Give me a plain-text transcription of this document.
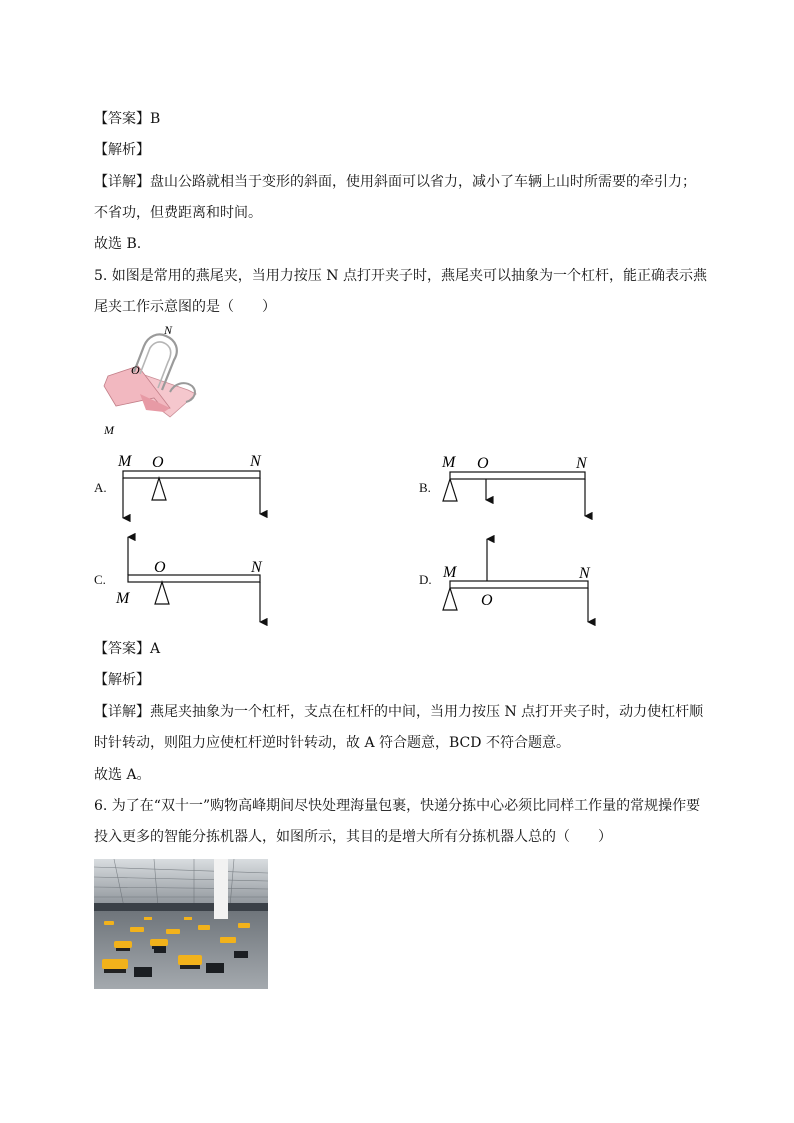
【答案】B
【解析】
【详解】盘山公路就相当于变形的斜面，使用斜面可以省力，减小了车辆上山时所需要的牵引力；
不省功，但费距离和时间。
故选 B.
5. 如图是常用的燕尾夹，当用力按压 N 点打开夹子时，燕尾夹可以抽象为一个杠杆，能正确表示燕
尾夹工作示意图的是（　　）
N
O
M
A.
M O	N
B.
M O	N
C.
M
O	N
D. M
O
N
【答案】A
【解析】
【详解】燕尾夹抽象为一个杠杆，支点在杠杆的中间，当用力按压 N 点打开夹子时，动力使杠杆顺
时针转动，则阻力应使杠杆逆时针转动，故 A 符合题意，BCD 不符合题意。
故选 A。
6. 为了在“双十一”购物高峰期间尽快处理海量包裹，快递分拣中心必须比同样工作量的常规操作要
投入更多的智能分拣机器人，如图所示，其目的是增大所有分拣机器人总的（　　）
